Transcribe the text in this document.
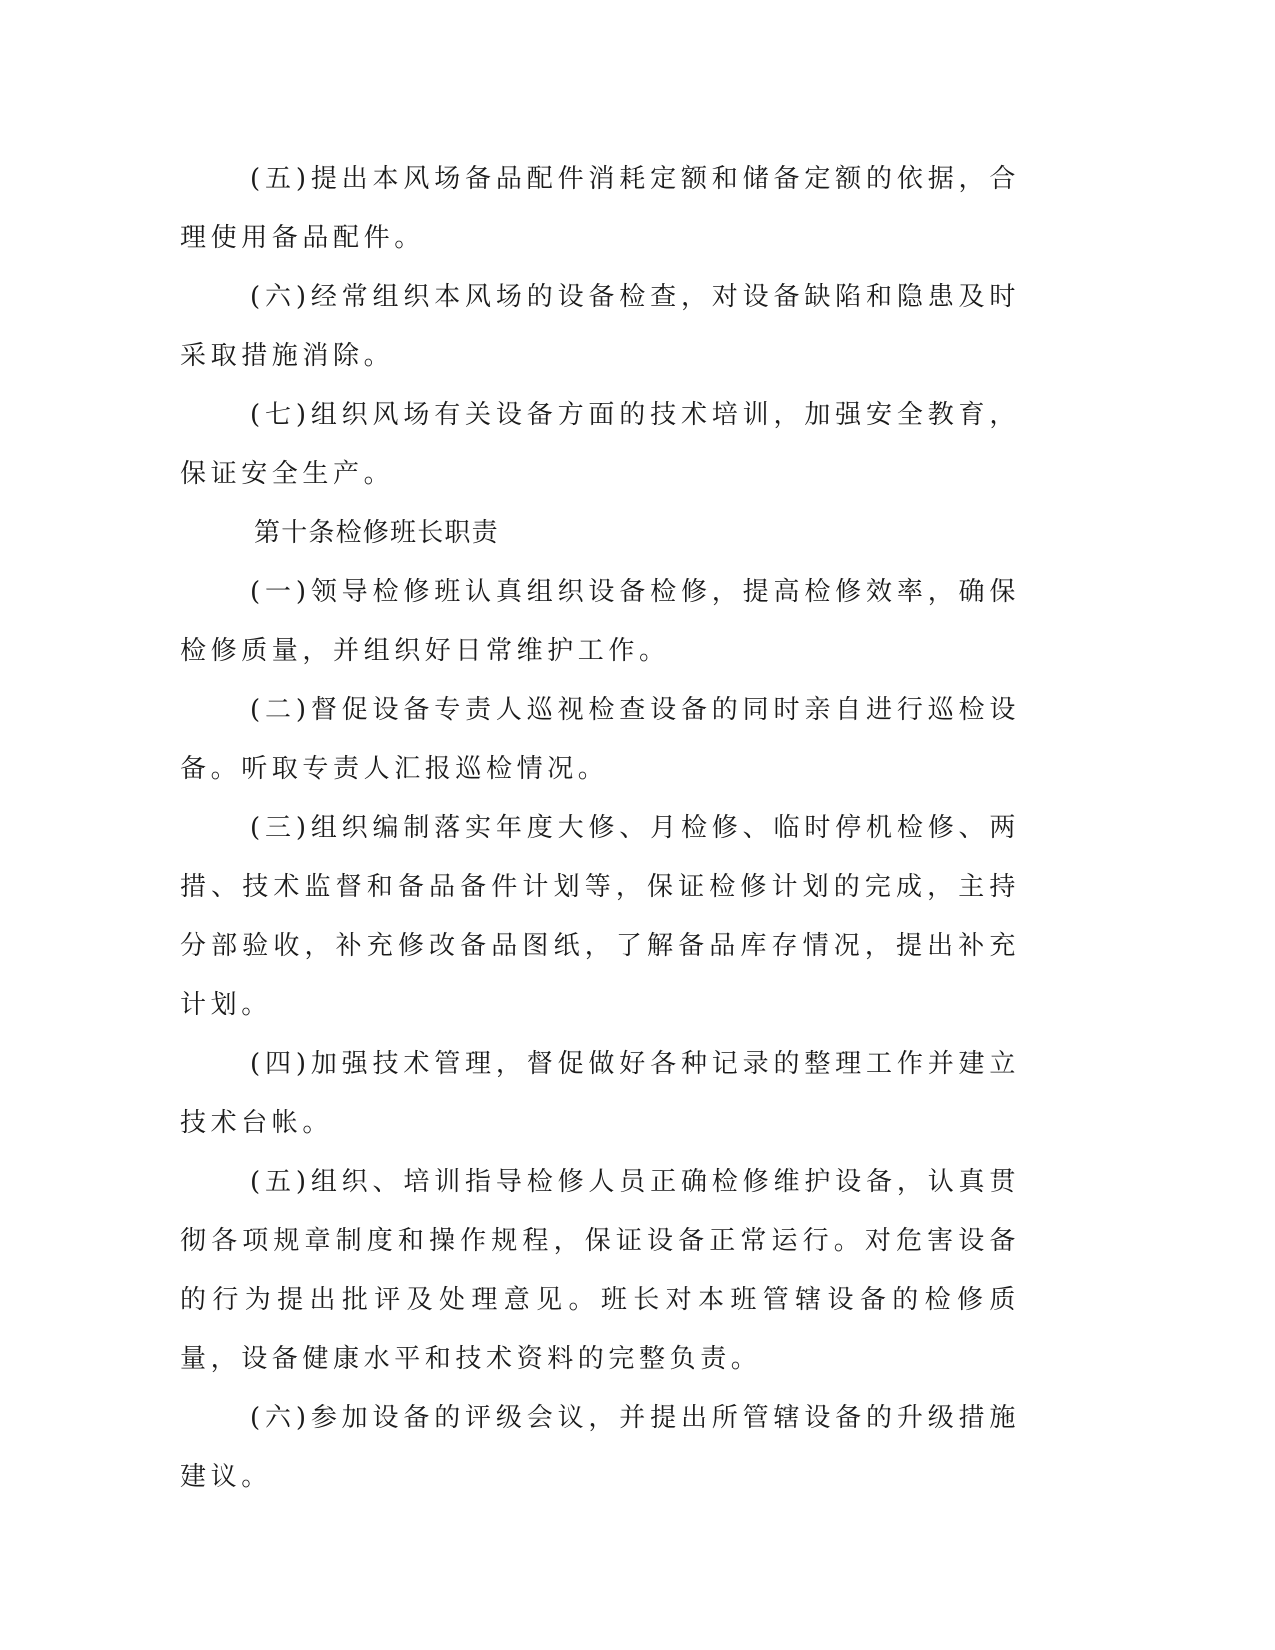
(五)提出本风场备品配件消耗定额和储备定额的依据，合理使用备品配件。

(六)经常组织本风场的设备检查，对设备缺陷和隐患及时采取措施消除。

(七)组织风场有关设备方面的技术培训，加强安全教育，保证安全生产。

第十条检修班长职责

(一)领导检修班认真组织设备检修，提高检修效率，确保检修质量，并组织好日常维护工作。

(二)督促设备专责人巡视检查设备的同时亲自进行巡检设备。听取专责人汇报巡检情况。

(三)组织编制落实年度大修、月检修、临时停机检修、两措、技术监督和备品备件计划等，保证检修计划的完成，主持分部验收，补充修改备品图纸，了解备品库存情况，提出补充计划。

(四)加强技术管理，督促做好各种记录的整理工作并建立技术台帐。

(五)组织、培训指导检修人员正确检修维护设备，认真贯彻各项规章制度和操作规程，保证设备正常运行。对危害设备的行为提出批评及处理意见。班长对本班管辖设备的检修质量，设备健康水平和技术资料的完整负责。

(六)参加设备的评级会议，并提出所管辖设备的升级措施建议。
